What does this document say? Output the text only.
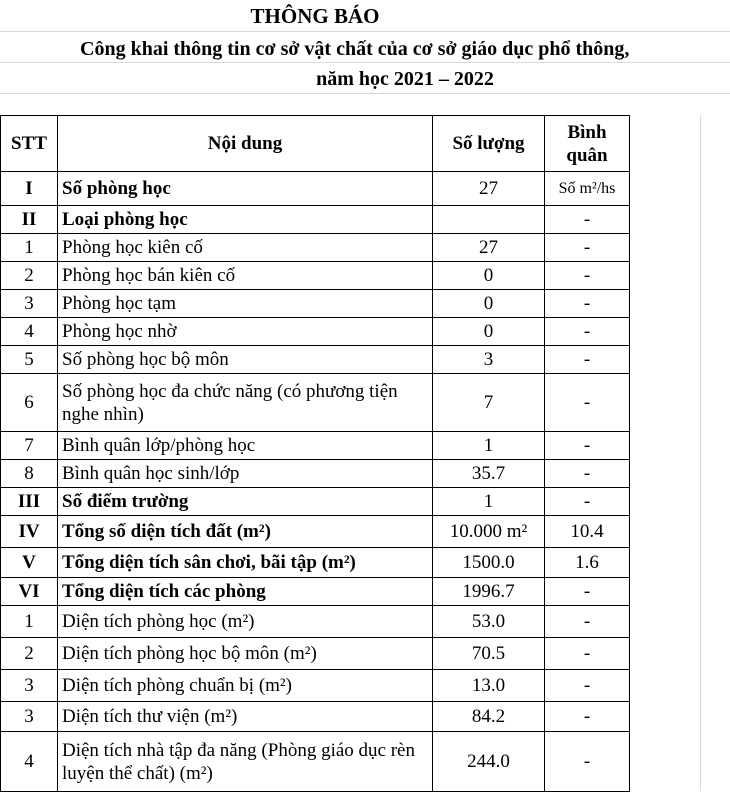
THÔNG BÁO
Công khai thông tin cơ sở vật chất của cơ sở giáo dục phổ thông,
năm học 2021 – 2022
STT	Nội dung	Số lượng	Bình quân
I	Số phòng học	27	Số m²/hs
II	Loại phòng học		-
1	Phòng học kiên cố	27	-
2	Phòng học bán kiên cố	0	-
3	Phòng học tạm	0	-
4	Phòng học nhờ	0	-
5	Số phòng học bộ môn	3	-
6	Số phòng học đa chức năng (có phương tiện nghe nhìn)	7	-
7	Bình quân lớp/phòng học	1	-
8	Bình quân học sinh/lớp	35.7	-
III	Số điểm trường	1	-
IV	Tổng số diện tích đất (m²)	10.000 m²	10.4
V	Tổng diện tích sân chơi, bãi tập (m²)	1500.0	1.6
VI	Tổng diện tích các phòng	1996.7	-
1	Diện tích phòng học (m²)	53.0	-
2	Diện tích phòng học bộ môn (m²)	70.5	-
3	Diện tích phòng chuẩn bị (m²)	13.0	-
3	Diện tích thư viện (m²)	84.2	-
4	Diện tích nhà tập đa năng (Phòng giáo dục rèn luyện thể chất) (m²)	244.0	-
